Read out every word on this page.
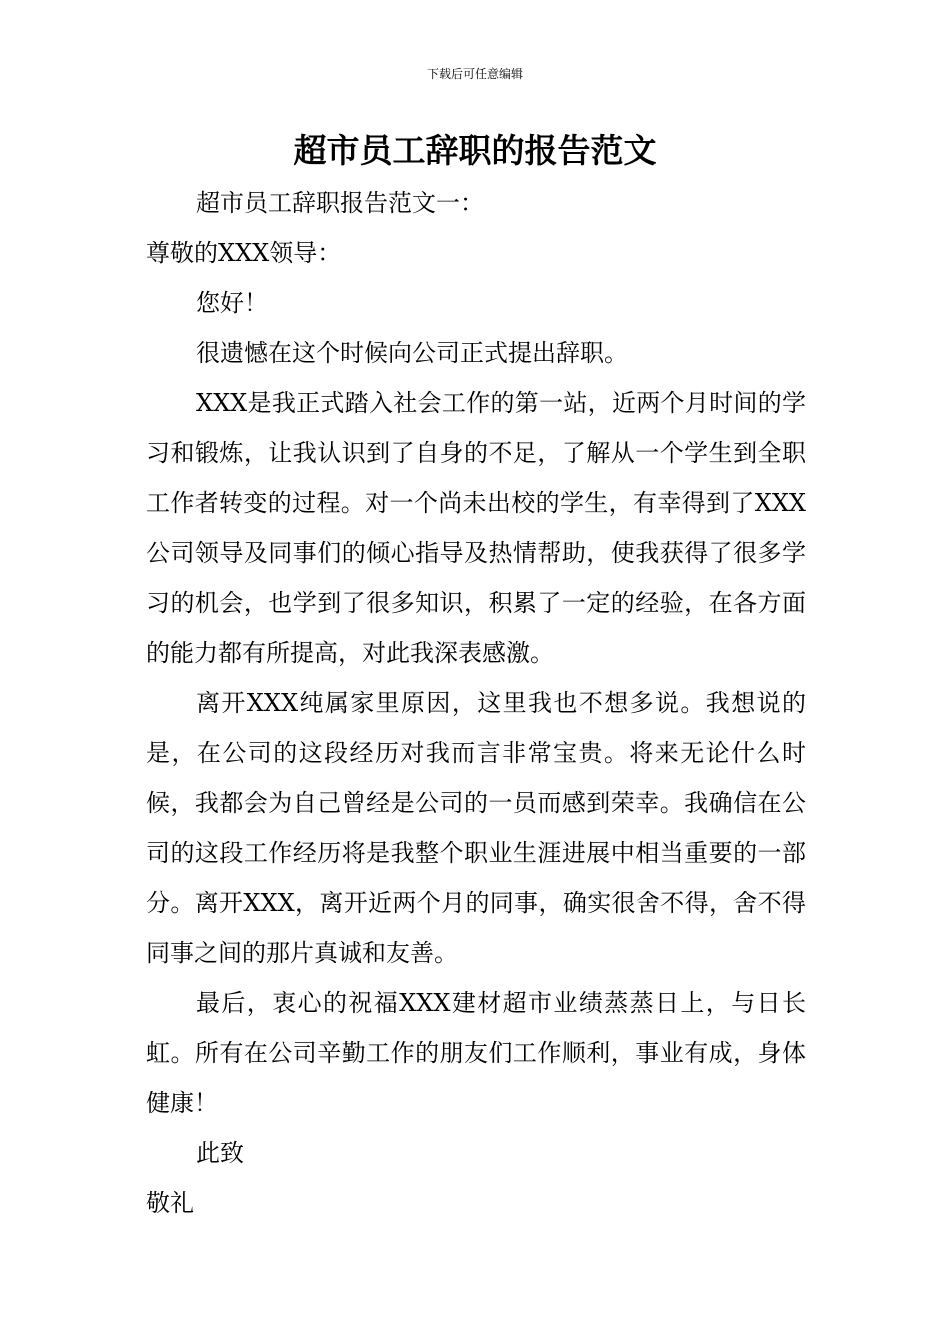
下载后可任意编辑
超市员工辞职的报告范文

超市员工辞职报告范文一：

尊敬的XXX领导：

您好！

很遗憾在这个时候向公司正式提出辞职。

XXX是我正式踏入社会工作的第一站，近两个月时间的学习和锻炼，让我认识到了自身的不足，了解从一个学生到全职工作者转变的过程。对一个尚未出校的学生，有幸得到了XXX公司领导及同事们的倾心指导及热情帮助，使我获得了很多学习的机会，也学到了很多知识，积累了一定的经验，在各方面的能力都有所提高，对此我深表感激。

离开XXX纯属家里原因，这里我也不想多说。我想说的是，在公司的这段经历对我而言非常宝贵。将来无论什么时候，我都会为自己曾经是公司的一员而感到荣幸。我确信在公司的这段工作经历将是我整个职业生涯进展中相当重要的一部分。离开XXX，离开近两个月的同事，确实很舍不得，舍不得同事之间的那片真诚和友善。

最后，衷心的祝福XXX建材超市业绩蒸蒸日上，与日长虹。所有在公司辛勤工作的朋友们工作顺利，事业有成，身体健康！

此致

敬礼
